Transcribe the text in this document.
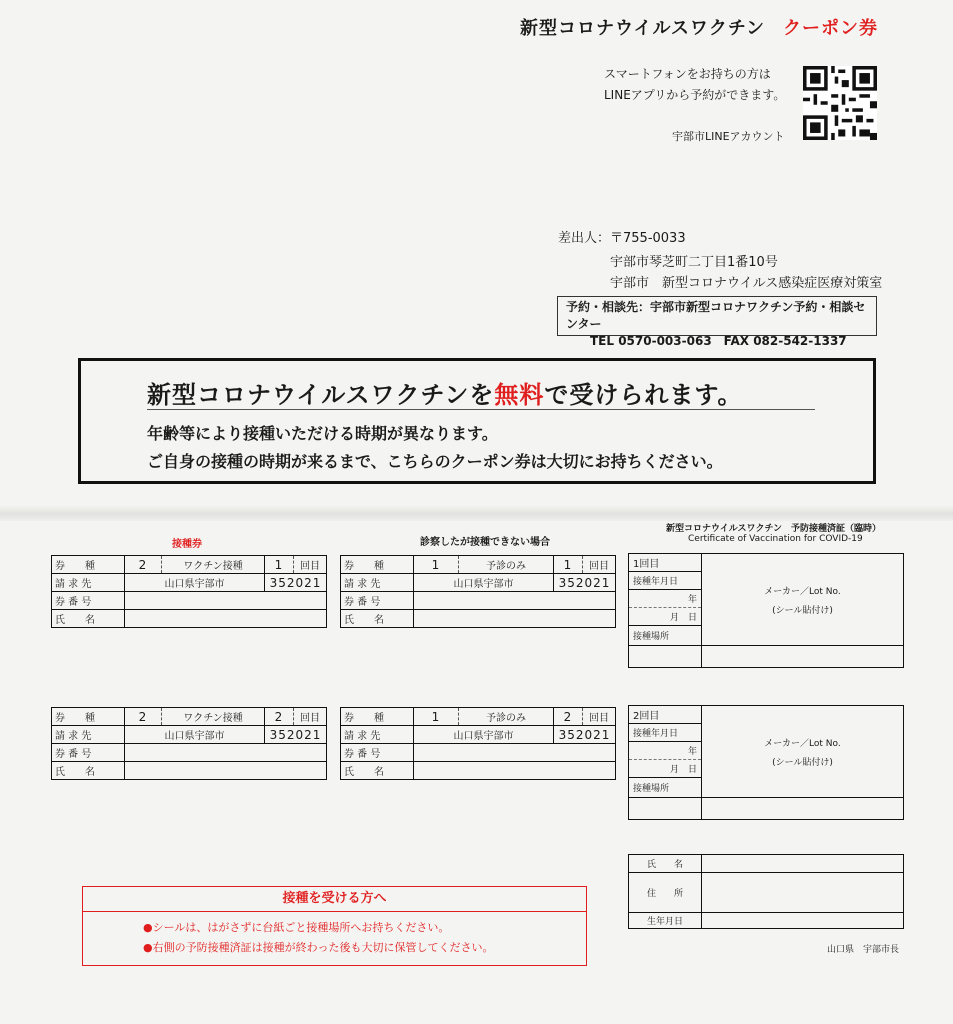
新型コロナウイルスワクチン クーポン券
スマートフォンをお持ちの方は
LINEアプリから予約ができます。
宇部市LINEアカウント
差出人：〒755-0033
宇部市琴芝町二丁目1番10号
宇部市　新型コロナウイルス感染症医療対策室
予約・相談先：宇部市新型コロナワクチン予約・相談センター
TEL 0570-003-063　FAX 082-542-1337
新型コロナウイルスワクチンを無料で受けられます。
年齢等により接種いただける時期が異なります。
ご自身の接種の時期が来るまで、こちらのクーポン券は大切にお持ちください。
接種券	診察したが接種できない場合
新型コロナウイルスワクチン　予防接種済証（臨時）
Certificate of Vaccination for COVID-19
券　　種	2	ワクチン接種	1	回目
請 求 先	山口県宇部市		352021	
券 番 号				
氏　　名				
券　　種	1	予診のみ	1	回目
請 求 先	山口県宇部市		352021	
券 番 号				
氏　　名				
券　　種	2	ワクチン接種	2	回目
請 求 先	山口県宇部市		352021	
券 番 号				
氏　　名				
券　　種	1	予診のみ	2	回目
請 求 先	山口県宇部市		352021	
券 番 号				
氏　　名				
1回目	メーカー／Lot No.
(シール貼付け)

接種年月日	
年	
月　日	
接種場所	

2回目	メーカー／Lot No.
(シール貼付け)

接種年月日	
年	
月　日	
接種場所	

氏　　名	
住　　所	
生年月日	
接種を受ける方へ
●シールは、はがさずに台紙ごと接種場所へお持ちください。
●右側の予防接種済証は接種が終わった後も大切に保管してください。	山口県　宇部市長
